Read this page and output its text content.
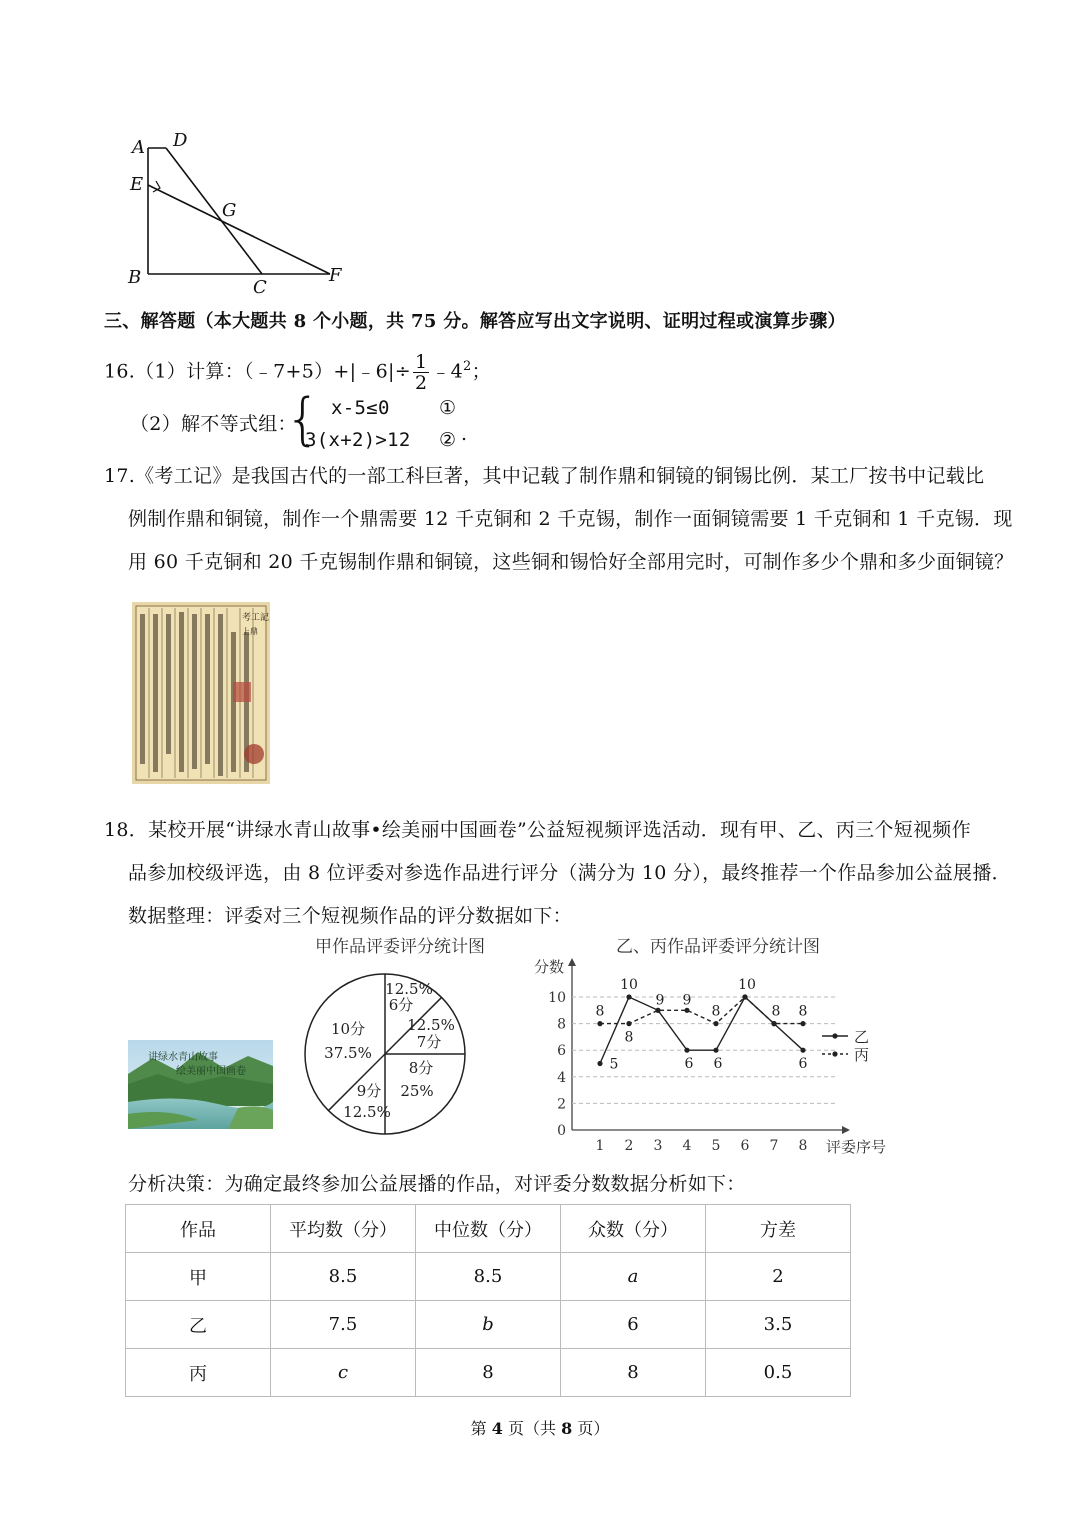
A D
E
G
B	C
F
三、解答题（本大题共 8 个小题，共 75 分。解答应写出文字说明、证明过程或演算步骤）
16.（1）计算：（﹣7+5）+|﹣6|÷ $\frac{1}{2}$ $﹣4^2$；
（2）解不等式组：
{ x-5≤0	①
3(x+2)>12 ② .
17.《考工记》是我国古代的一部工科巨著，其中记载了制作鼎和铜镜的铜锡比例．某工厂按书中记载比
例制作鼎和铜镜，制作一个鼎需要 12 千克铜和 2 千克锡，制作一面铜镜需要 1 千克铜和 1 千克锡．现
用 60 千克铜和 20 千克锡制作鼎和铜镜，这些铜和锡恰好全部用完时，可制作多少个鼎和多少面铜镜？
考工記
上鼎
18．某校开展“讲绿水青山故事•绘美丽中国画卷”公益短视频评选活动．现有甲、乙、丙三个短视频作
品参加校级评选，由 8 位评委对参选作品进行评分（满分为 10 分），最终推荐一个作品参加公益展播．
数据整理：评委对三个短视频作品的评分数据如下：
讲绿水青山故事
绘美丽中国画卷
甲作品评委评分统计图
12.5%
6分
12.5%
7分
8分
25%
9分
12.5%
10分
37.5%
乙、丙作品评委评分统计图
0
2
4
6
8
10
1 2 3 4 5 6 7 8
分数
评委序号
8
5
10
8
9 9
6
8
6
10
8 8
6
乙
丙
分析决策：为确定最终参加公益展播的作品，对评委分数数据分析如下：
作品	平均数（分）	中位数（分）	众数（分）	方差
甲	8.5	8.5	a	2
乙	7.5	b	6	3.5
丙	c	8	8	0.5
第 4 页（共 8 页）
